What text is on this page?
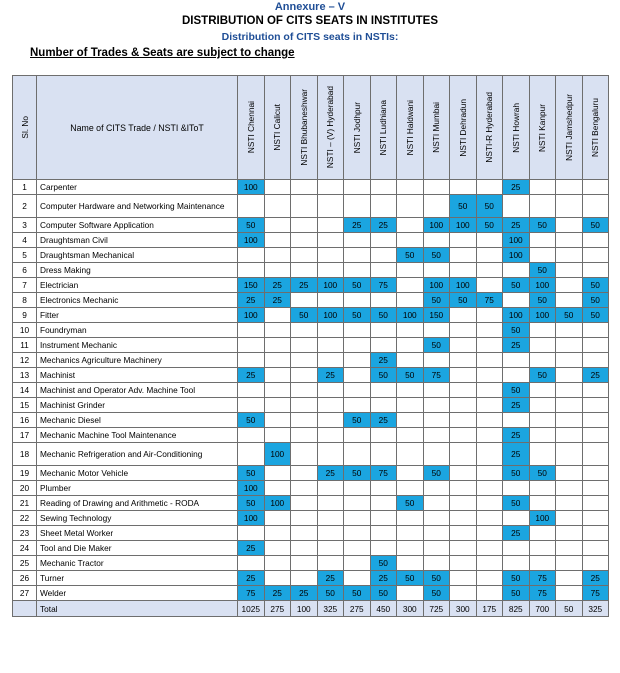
Annexure – V
DISTRIBUTION OF CITS SEATS IN INSTITUTES
Distribution of CITS seats in NSTIs:
Number of Trades & Seats are subject to change
Sl. No	Name of CITS Trade / NSTI &IToT	NSTI Chennai	NSTI Calicut	NSTI Bhubaneshwar	NSTI – (V) Hyderabad	NSTI Jodhpur	NSTI Ludhiana	NSTI Haldwani	NSTI Mumbai	NSTI Dehradun	NSTI-R Hyderabad	NSTI Howrah	NSTI Kanpur	NSTI Jamshedpur	NSTI Bengaluru

1	Carpenter	100										25			
2	Computer Hardware and Networking Maintenance									50	50				
3	Computer Software Application	50				25	25		100	100	50	25	50		50
4	Draughtsman Civil	100										100			
5	Draughtsman Mechanical							50	50			100			
6	Dress Making												50		
7	Electrician	150	25	25	100	50	75		100	100		50	100		50
8	Electronics Mechanic	25	25						50	50	75		50		50
9	Fitter	100		50	100	50	50	100	150			100	100	50	50
10	Foundryman											50			
11	Instrument Mechanic								50			25			
12	Mechanics Agriculture Machinery						25								
13	Machinist	25			25		50	50	75				50		25
14	Machinist and Operator Adv. Machine Tool											50			
15	Machinist Grinder											25			
16	Mechanic Diesel	50				50	25								
17	Mechanic Machine Tool Maintenance											25			
18	Mechanic Refrigeration and Air-Conditioning		100									25			
19	Mechanic Motor Vehicle	50			25	50	75		50			50	50		
20	Plumber	100													
21	Reading of Drawing and Arithmetic - RODA	50	100					50				50			
22	Sewing Technology	100											100		
23	Sheet Metal Worker											25			
24	Tool and Die Maker	25													
25	Mechanic Tractor						50								
26	Turner	25			25		25	50	50			50	75		25
27	Welder	75	25	25	50	50	50		50			50	75		75
	Total	1025	275	100	325	275	450	300	725	300	175	825	700	50	325
